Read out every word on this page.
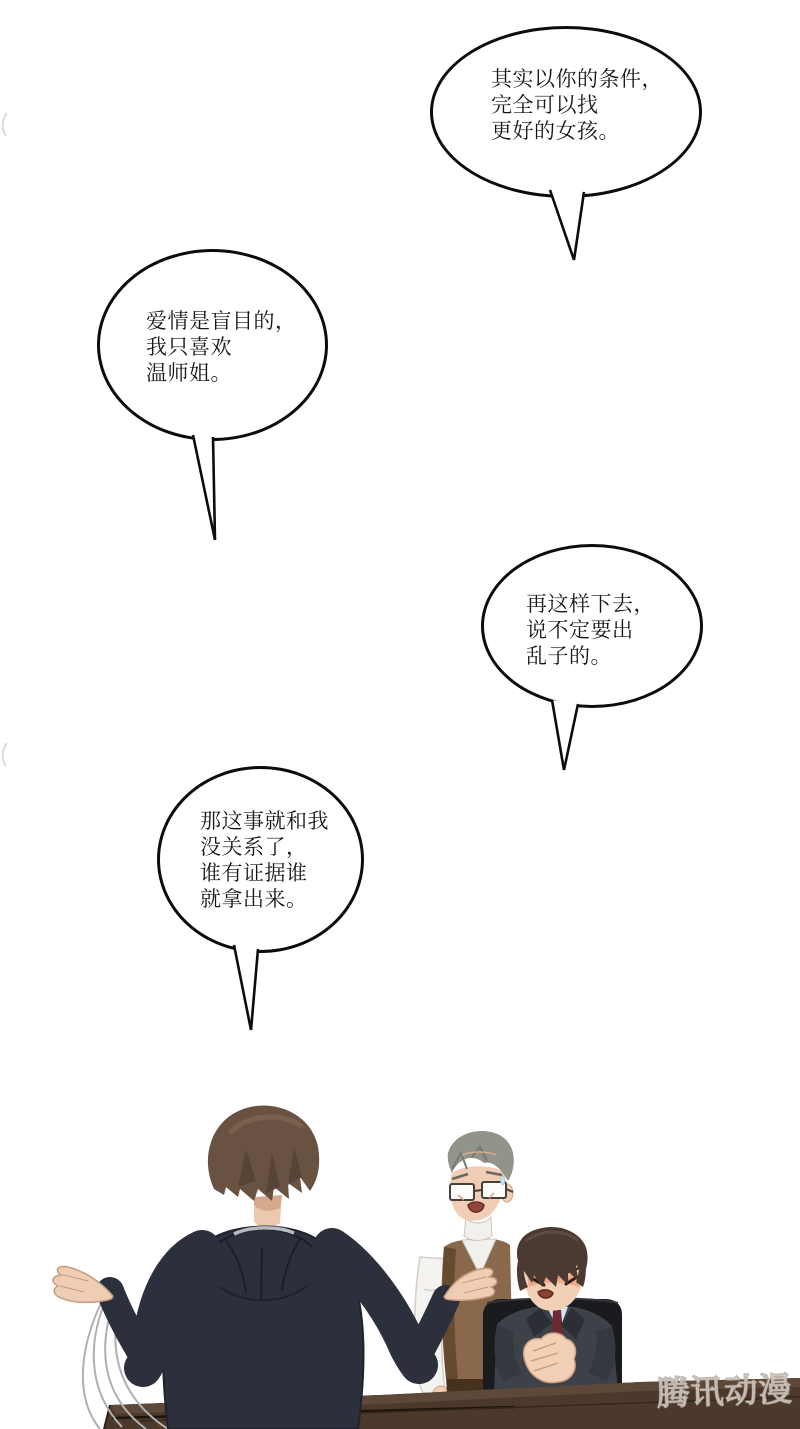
其实以你的条件，
完全可以找
更好的女孩。
爱情是盲目的，
我只喜欢
温师姐。
再这样下去，
说不定要出
乱子的。
那这事就和我
没关系了，
谁有证据谁
就拿出来。
腾讯动漫
